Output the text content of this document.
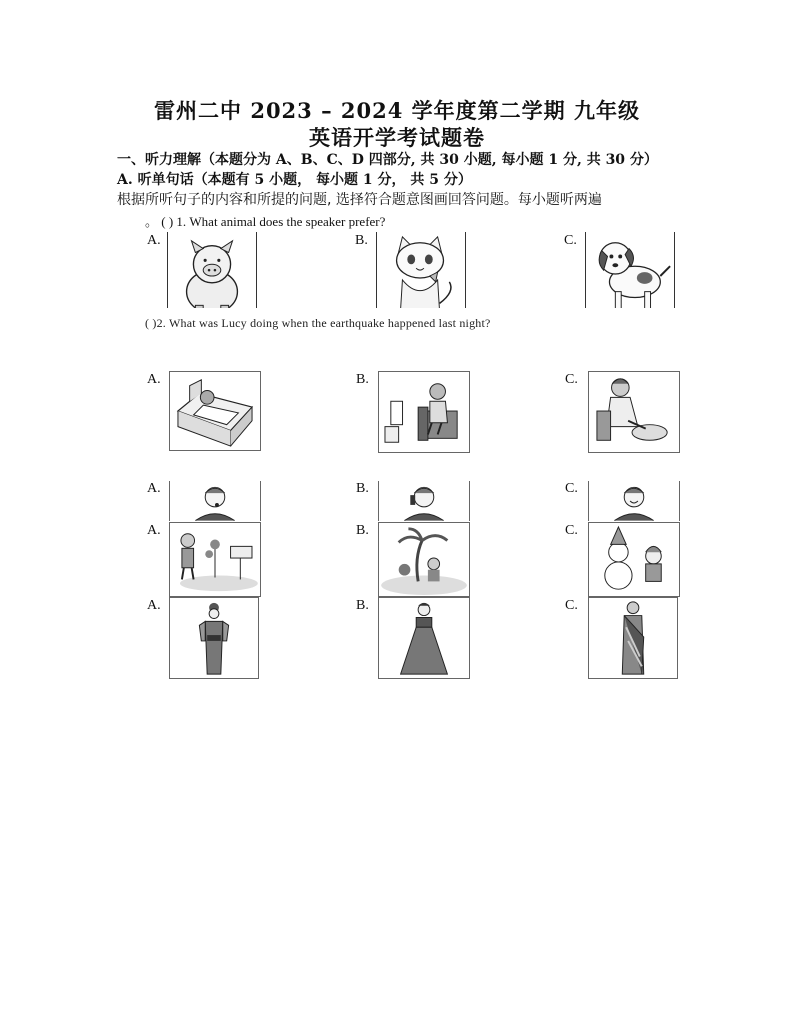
雷州二中 2023 – 2024 学年度第二学期 九年级
英语开学考试题卷
一、听力理解（本题分为 A、B、C、D 四部分, 共 30 小题, 每小题 1 分, 共 30 分）
A. 听单句话（本题有 5 小题， 每小题 1 分， 共 5 分）
根据所听句子的内容和所提的问题, 选择符合题意图画回答问题。每小题听两遍
。 ( ) 1. What animal does the speaker prefer?
A.	B.	C.
( )2. What was Lucy doing when the earthquake happened last night?
A.	B.	C.
A.	B.	C.
A.	B.	C.
A.	B.	C.
